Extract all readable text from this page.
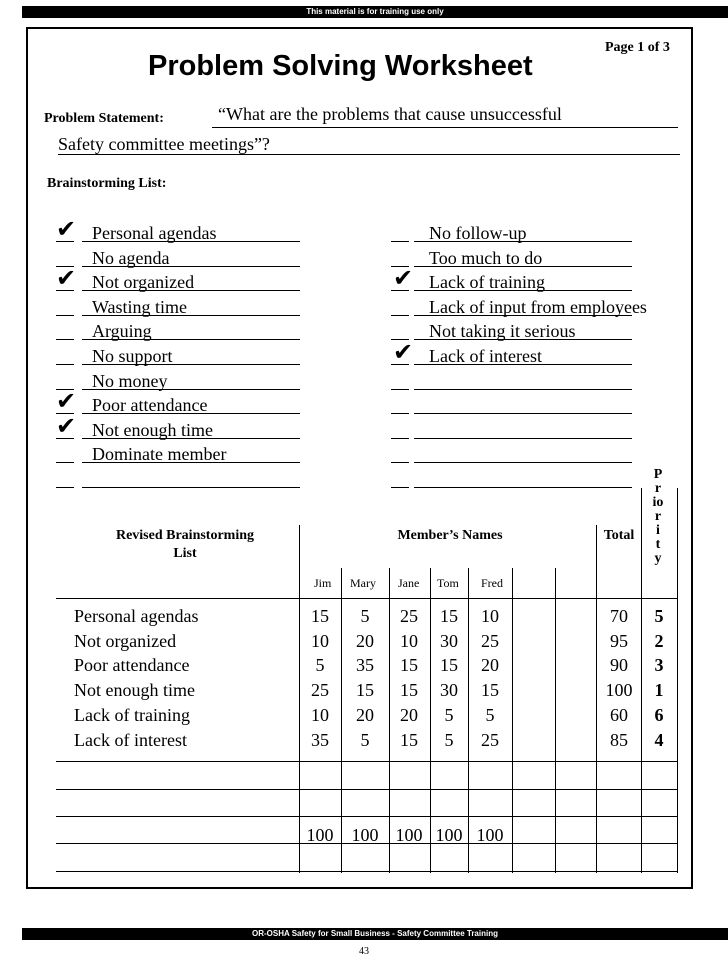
This material is for training use only
Problem Solving Worksheet
Page 1 of 3
Problem Statement:	“What are the problems that cause unsuccessful
Safety committee meetings”?
Brainstorming List:
Personal agendas
✔
No agenda
Not organized
✔
Wasting time
Arguing
No support
No money
Poor attendance
✔
Not enough time
✔
Dominate member
No follow-up
Too much to do
Lack of training
✔
Lack of input from employees
Not taking it serious
Lack of interest
✔
Revised Brainstorming List
Member’s Names	Total
P
r
io
r
i
t
y
Jim Mary Jane Tom Fred
Personal agendas	15	5	25	15	10	70	5
Not organized	10	20	10	30	25	95	2
Poor attendance	5	35	15	15	20	90	3
Not enough time	25	15	15	30	15	100	1
Lack of training	10	20	20	5	5	60	6
Lack of interest	35	5	15	5	25	85	4
100	100 100 100 100
OR-OSHA Safety for Small Business - Safety Committee Training
43
